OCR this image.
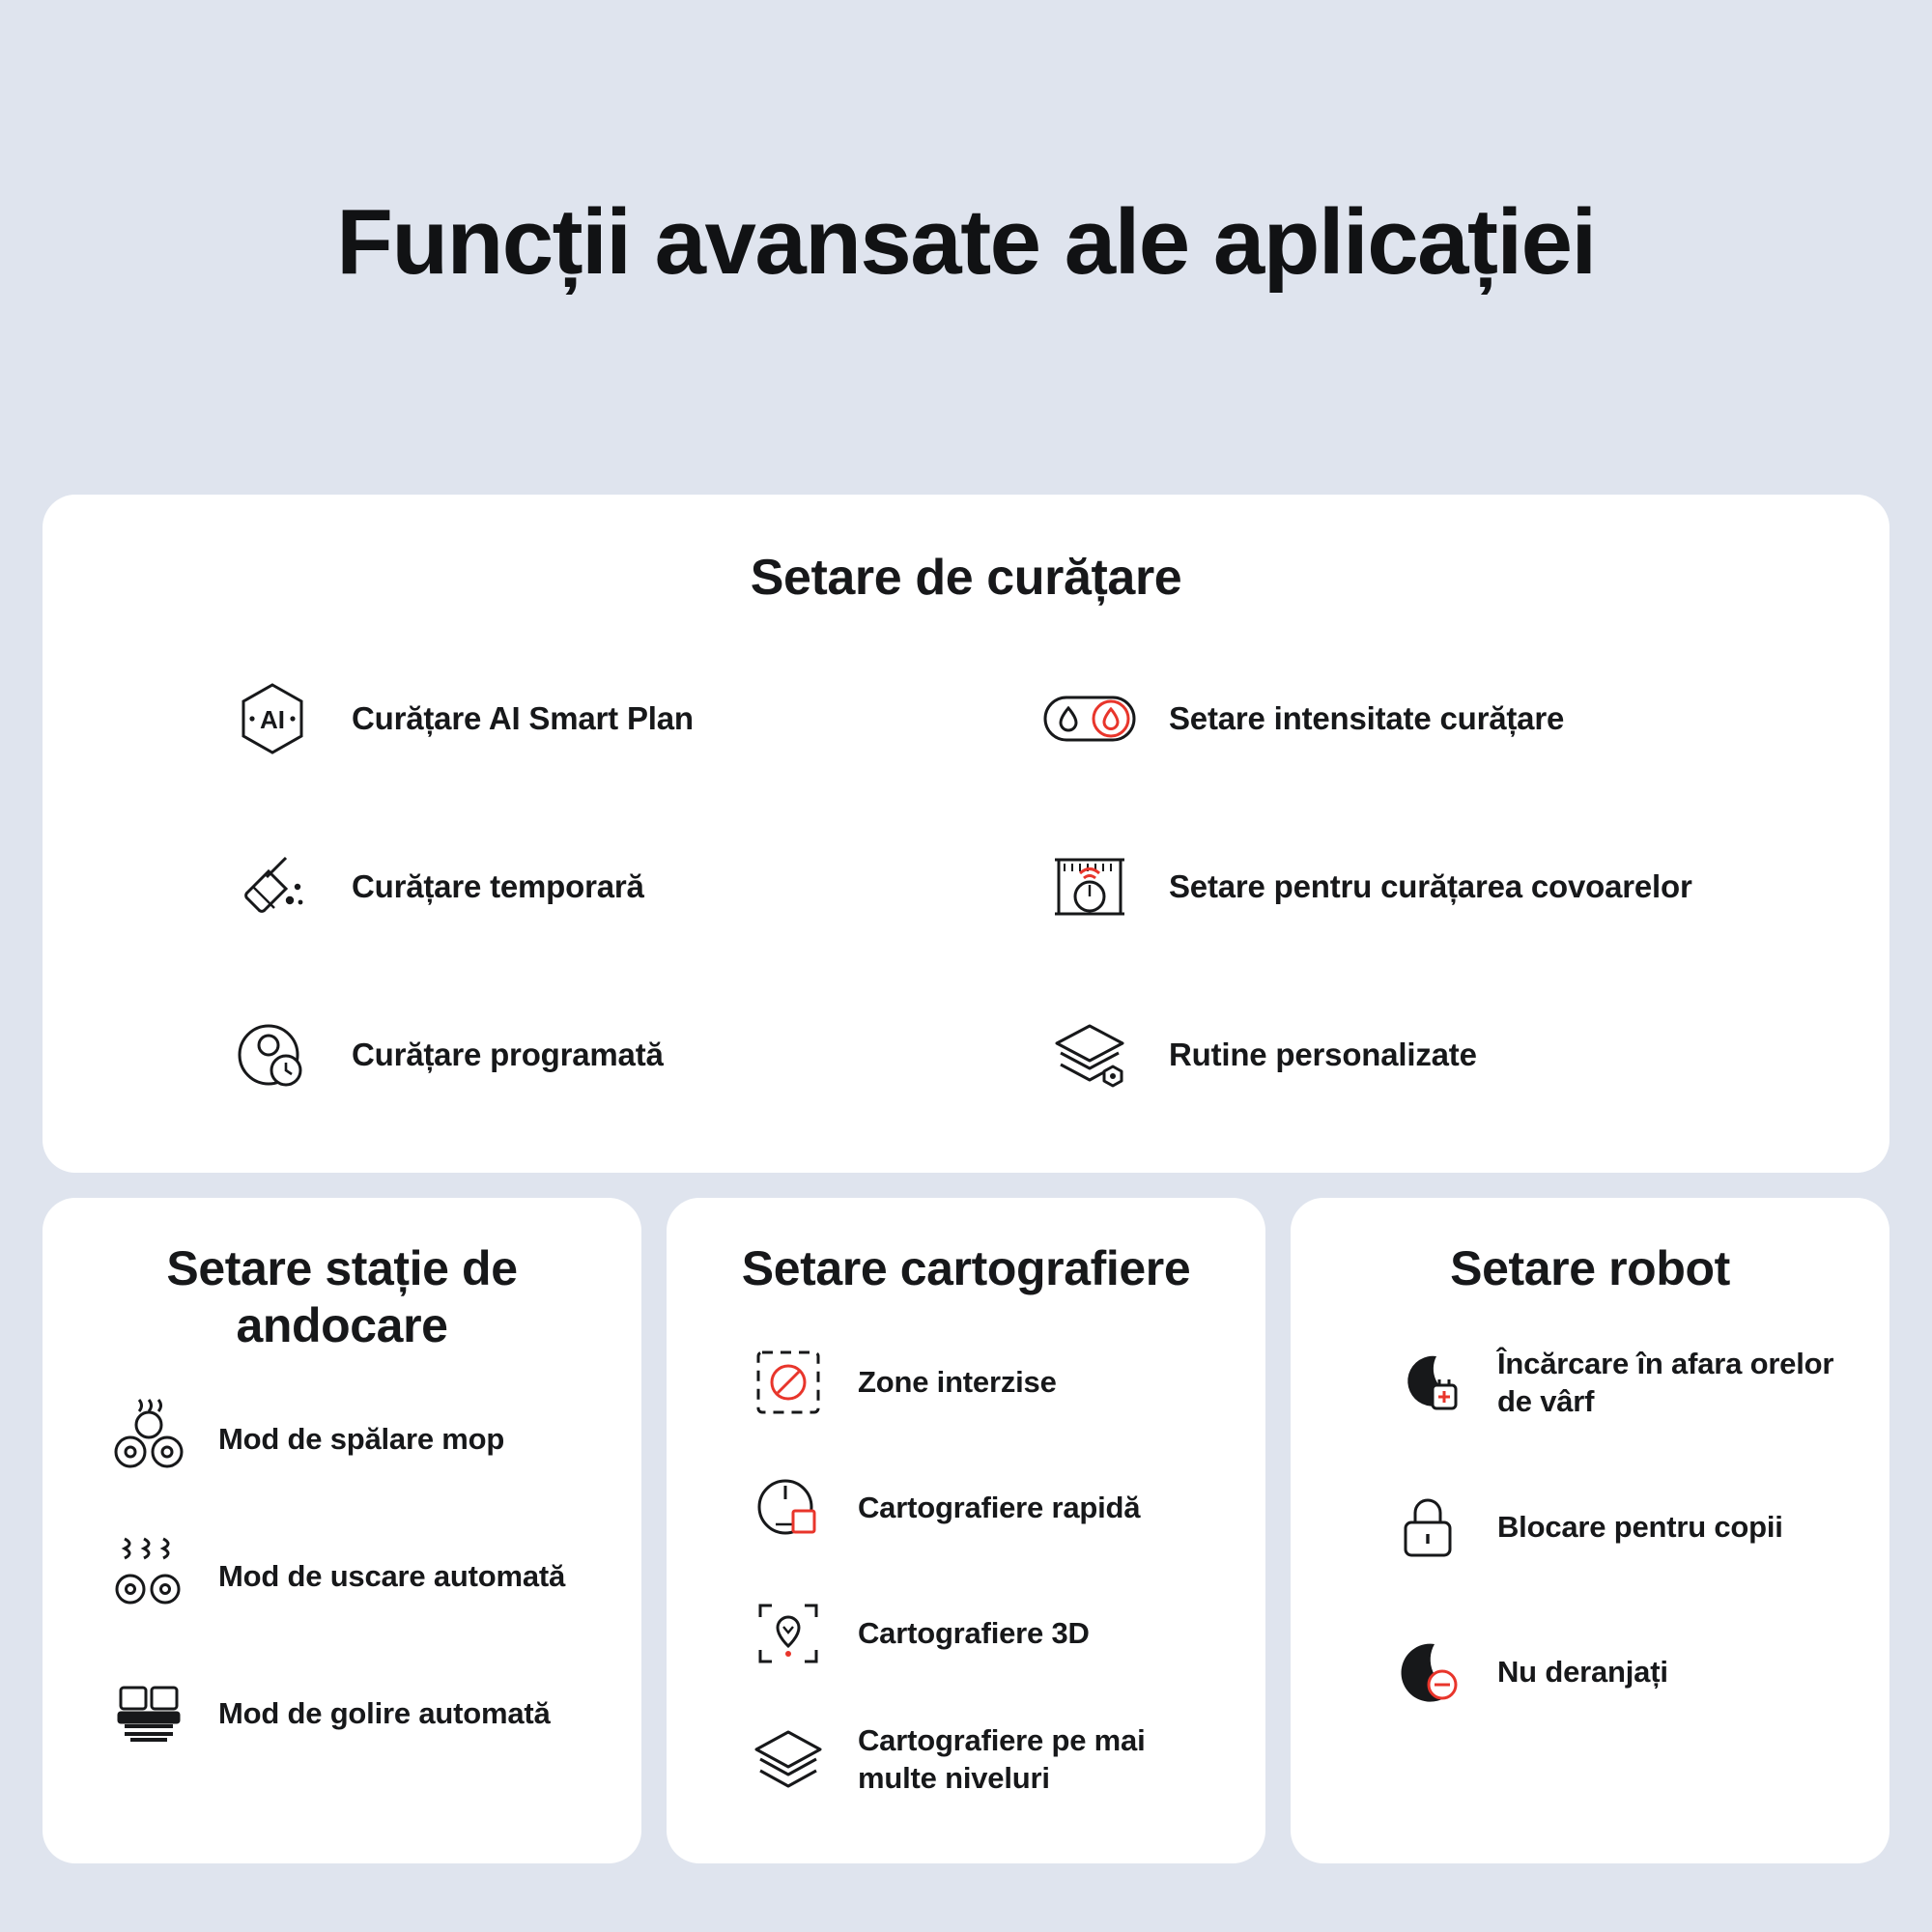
Funcții avansate ale aplicației
Setare de curățare
AI Curățare AI Smart Plan	Setare intensitate curățare
Curățare temporară	Setare pentru curățarea covoarelor
Curățare programată	Rutine personalizate
Setare stație de andocare
Mod de spălare mop
Mod de uscare automată
Mod de golire automată
Setare cartografiere
Zone interzise
Cartografiere rapidă
Cartografiere 3D
Cartografiere pe mai multe niveluri
Setare robot
Încărcare în afara orelor de vârf
Blocare pentru copii
Nu deranjați
